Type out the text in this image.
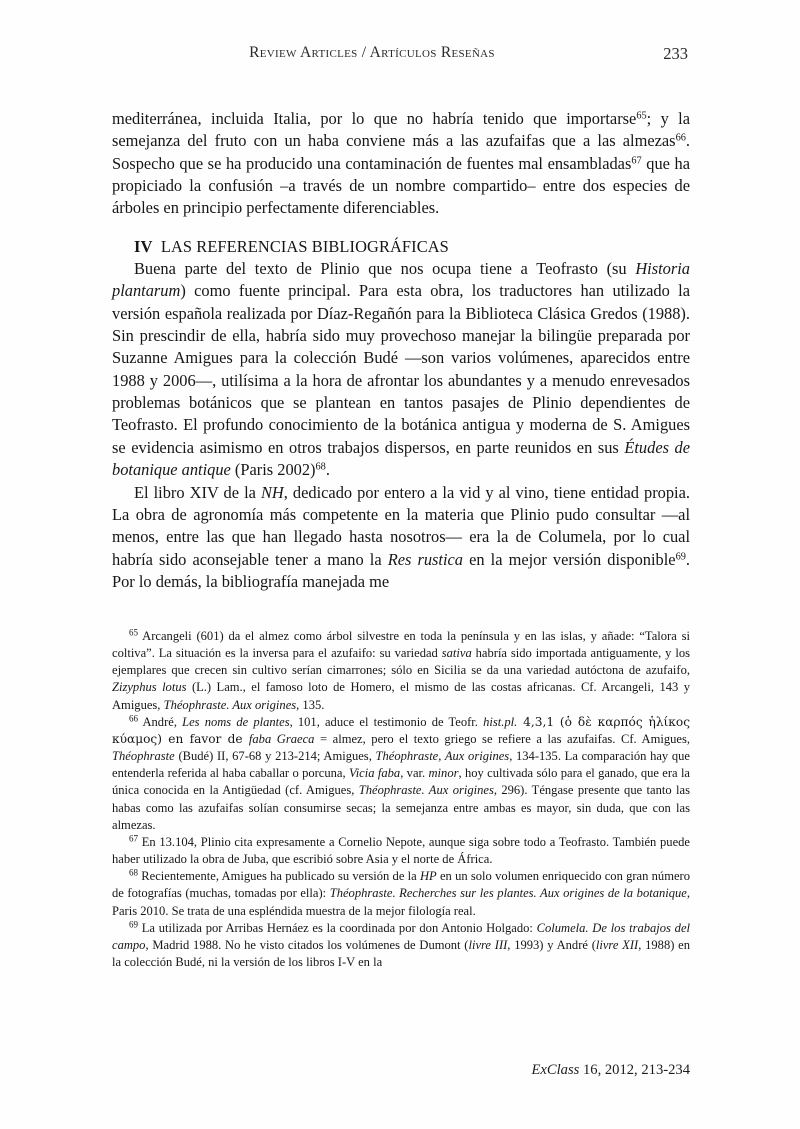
Review Articles / Artículos Reseñas	233

mediterránea, incluida Italia, por lo que no habría tenido que importarse$^{65}$; y la semejanza del fruto con un haba conviene más a las azufaifas que a las almezas$^{66}$. Sospecho que se ha producido una contaminación de fuentes mal ensambladas$^{67}$ que ha propiciado la confusión –a través de un nombre compartido– entre dos especies de árboles en principio perfectamente diferenciables.

IV LAS REFERENCIAS BIBLIOGRÁFICAS

Buena parte del texto de Plinio que nos ocupa tiene a Teofrasto (su Historia plantarum) como fuente principal. Para esta obra, los traductores han utilizado la versión española realizada por Díaz-Regañón para la Biblioteca Clásica Gredos (1988). Sin prescindir de ella, habría sido muy provechoso manejar la bilingüe preparada por Suzanne Amigues para la colección Budé —son varios volúmenes, aparecidos entre 1988 y 2006—, utilísima a la hora de afrontar los abundantes y a menudo enrevesados problemas botánicos que se plantean en tantos pasajes de Plinio dependientes de Teofrasto. El profundo conocimiento de la botánica antigua y moderna de S. Amigues se evidencia asimismo en otros trabajos dispersos, en parte reunidos en sus Études de botanique antique (Paris 2002)$^{68}$.

El libro XIV de la NH, dedicado por entero a la vid y al vino, tiene entidad propia. La obra de agronomía más competente en la materia que Plinio pudo consultar —al menos, entre las que han llegado hasta nosotros— era la de Columela, por lo cual habría sido aconsejable tener a mano la Res rustica en la mejor versión disponible$^{69}$. Por lo demás, la bibliografía manejada me

$^{65}$ Arcangeli (601) da el almez como árbol silvestre en toda la península y en las islas, y añade: “Talora si coltiva”. La situación es la inversa para el azufaifo: su variedad sativa habría sido importada antiguamente, y los ejemplares que crecen sin cultivo serían cimarrones; sólo en Sicilia se da una variedad autóctona de azufaifo, Zizyphus lotus (L.) Lam., el famoso loto de Homero, el mismo de las costas africanas. Cf. Arcangeli, 143 y Amigues, Théophraste. Aux origines, 135.

$^{66}$ André, Les noms de plantes, 101, aduce el testimonio de Teofr. hist.pl. 4,3,1 (ὁ δὲ καρπός ἡλίκος κύαμος) en favor de faba Graeca = almez, pero el texto griego se refiere a las azufaifas. Cf. Amigues, Théophraste (Budé) II, 67-68 y 213-214; Amigues, Théophraste, Aux origines, 134-135. La comparación hay que entenderla referida al haba caballar o porcuna, Vicia faba, var. minor, hoy cultivada sólo para el ganado, que era la única conocida en la Antigüedad (cf. Amigues, Théophraste. Aux origines, 296). Téngase presente que tanto las habas como las azufaifas solían consumirse secas; la semejanza entre ambas es mayor, sin duda, que con las almezas.

$^{67}$ En 13.104, Plinio cita expresamente a Cornelio Nepote, aunque siga sobre todo a Teofrasto. También puede haber utilizado la obra de Juba, que escribió sobre Asia y el norte de África.

$^{68}$ Recientemente, Amigues ha publicado su versión de la HP en un solo volumen enriquecido con gran número de fotografías (muchas, tomadas por ella): Théophraste. Recherches sur les plantes. Aux origines de la botanique, Paris 2010. Se trata de una espléndida muestra de la mejor filología real.

$^{69}$ La utilizada por Arribas Hernáez es la coordinada por don Antonio Holgado: Columela. De los trabajos del campo, Madrid 1988. No he visto citados los volúmenes de Dumont (livre III, 1993) y André (livre XII, 1988) en la colección Budé, ni la versión de los libros I-V en la

ExClass 16, 2012, 213-234
